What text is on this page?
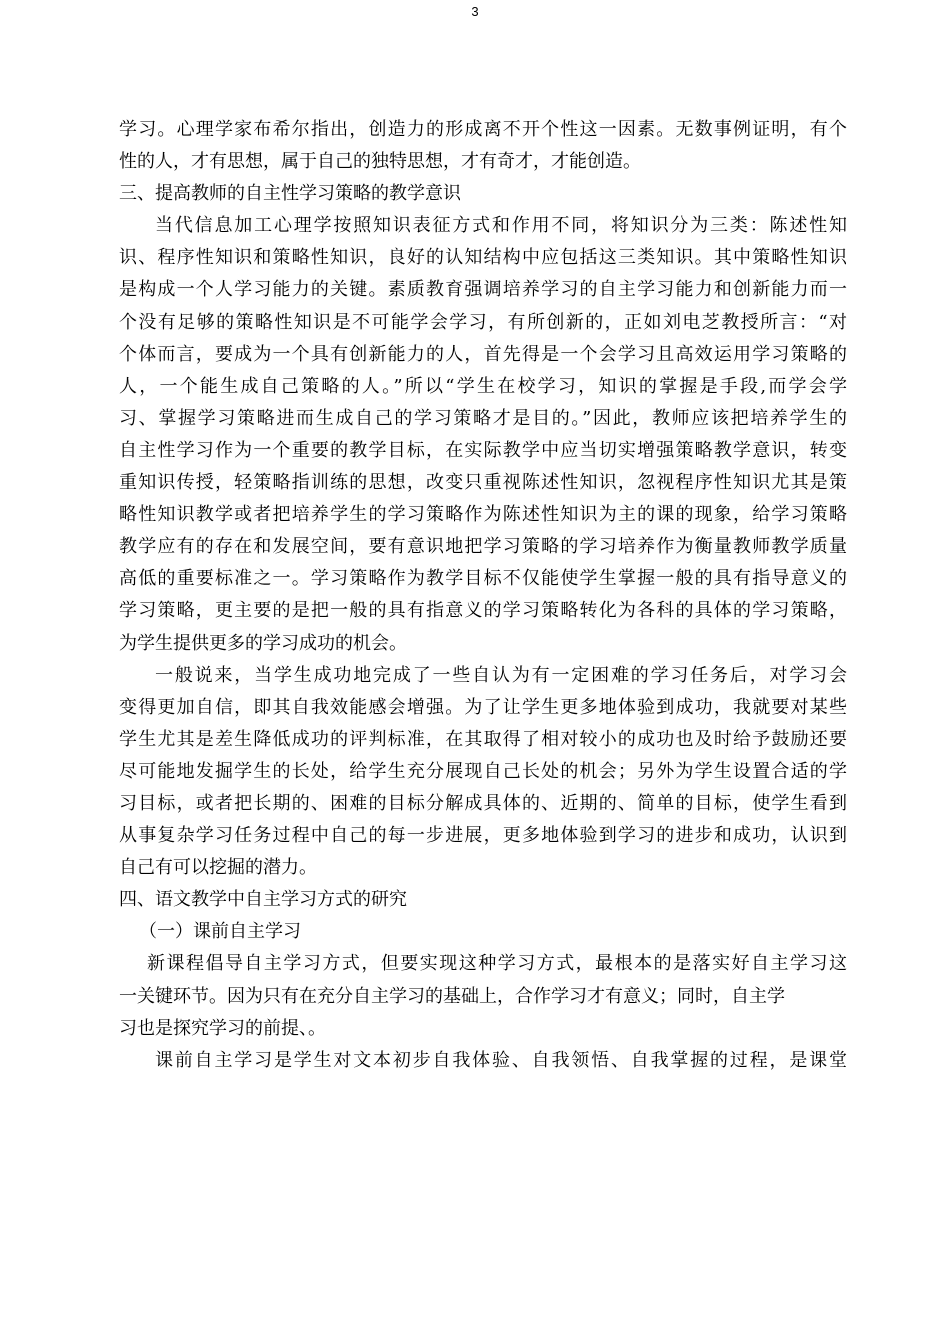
3
学习。心理学家布希尔指出，创造力的形成离不开个性这一因素。无数事例证明，有个
性的人，才有思想，属于自己的独特思想，才有奇才，才能创造。
三、提高教师的自主性学习策略的教学意识
当代信息加工心理学按照知识表征方式和作用不同，将知识分为三类：陈述性知
识、程序性知识和策略性知识，良好的认知结构中应包括这三类知识。其中策略性知识
是构成一个人学习能力的关键。素质教育强调培养学习的自主学习能力和创新能力而一
个没有足够的策略性知识是不可能学会学习，有所创新的，正如刘电芝教授所言：“对
个体而言，要成为一个具有创新能力的人，首先得是一个会学习且高效运用学习策略的
人，一个能生成自己策略的人。”所以“学生在校学习，知识的掌握是手段,而学会学
习、掌握学习策略进而生成自己的学习策略才是目的。”因此，教师应该把培养学生的
自主性学习作为一个重要的教学目标，在实际教学中应当切实增强策略教学意识，转变
重知识传授，轻策略指训练的思想，改变只重视陈述性知识，忽视程序性知识尤其是策
略性知识教学或者把培养学生的学习策略作为陈述性知识为主的课的现象，给学习策略
教学应有的存在和发展空间，要有意识地把学习策略的学习培养作为衡量教师教学质量
高低的重要标准之一。学习策略作为教学目标不仅能使学生掌握一般的具有指导意义的
学习策略，更主要的是把一般的具有指意义的学习策略转化为各科的具体的学习策略，
为学生提供更多的学习成功的机会。
一般说来，当学生成功地完成了一些自认为有一定困难的学习任务后，对学习会
变得更加自信，即其自我效能感会增强。为了让学生更多地体验到成功，我就要对某些
学生尤其是差生降低成功的评判标准，在其取得了相对较小的成功也及时给予鼓励还要
尽可能地发掘学生的长处，给学生充分展现自己长处的机会；另外为学生设置合适的学
习目标，或者把长期的、困难的目标分解成具体的、近期的、简单的目标，使学生看到
从事复杂学习任务过程中自己的每一步进展，更多地体验到学习的进步和成功，认识到
自己有可以挖掘的潜力。
四、语文教学中自主学习方式的研究
（一）课前自主学习
新课程倡导自主学习方式，但要实现这种学习方式，最根本的是落实好自主学习这
一关键环节。因为只有在充分自主学习的基础上，合作学习才有意义；同时，自主学
习也是探究学习的前提、。
课前自主学习是学生对文本初步自我体验、自我领悟、自我掌握的过程，是课堂
